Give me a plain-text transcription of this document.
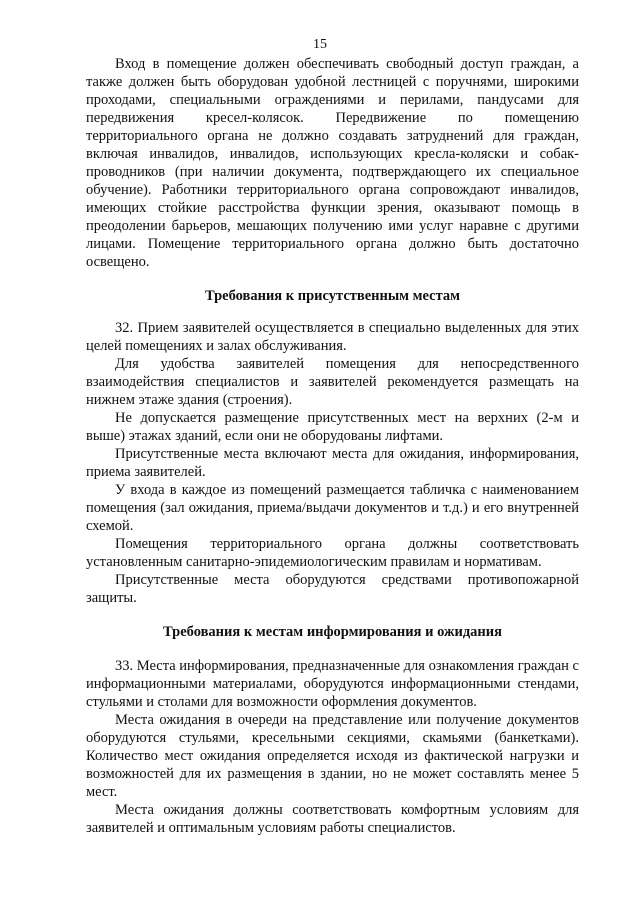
15

Вход в помещение должен обеспечивать свободный доступ граждан, а также должен быть оборудован удобной лестницей с поручнями, широкими проходами, специальными ограждениями и перилами, пандусами для передвижения кресел-колясок. Передвижение по помещению территориального органа не должно создавать затруднений для граждан, включая инвалидов, инвалидов, использующих кресла-коляски и собак-проводников (при наличии документа, подтверждающего их специальное обучение). Работники территориального органа сопровождают инвалидов, имеющих стойкие расстройства функции зрения, оказывают помощь в преодолении барьеров, мешающих получению ими услуг наравне с другими лицами. Помещение территориального органа должно быть достаточно освещено.

Требования к присутственным местам

32. Прием заявителей осуществляется в специально выделенных для этих целей помещениях и залах обслуживания.

Для удобства заявителей помещения для непосредственного взаимодействия специалистов и заявителей рекомендуется размещать на нижнем этаже здания (строения).

Не допускается размещение присутственных мест на верхних (2-м и выше) этажах зданий, если они не оборудованы лифтами.

Присутственные места включают места для ожидания, информирования, приема заявителей.

У входа в каждое из помещений размещается табличка с наименованием помещения (зал ожидания, приема/выдачи документов и т.д.) и его внутренней схемой.

Помещения территориального органа должны соответствовать установленным санитарно-эпидемиологическим правилам и нормативам.

Присутственные места оборудуются средствами противопожарной защиты.

Требования к местам информирования и ожидания

33. Места информирования, предназначенные для ознакомления граждан с информационными материалами, оборудуются информационными стендами, стульями и столами для возможности оформления документов.

Места ожидания в очереди на представление или получение документов оборудуются стульями, кресельными секциями, скамьями (банкетками). Количество мест ожидания определяется исходя из фактической нагрузки и возможностей для их размещения в здании, но не может составлять менее 5 мест.

Места ожидания должны соответствовать комфортным условиям для заявителей и оптимальным условиям работы специалистов.
